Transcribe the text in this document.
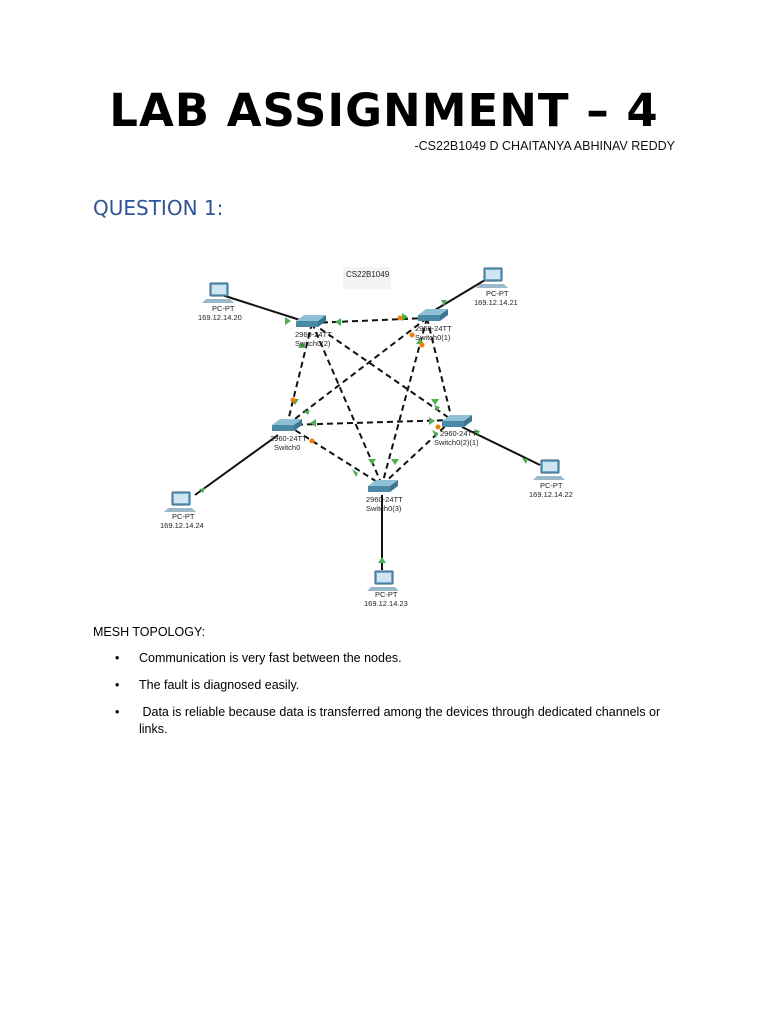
LAB ASSIGNMENT – 4
-CS22B1049 D CHAITANYA ABHINAV REDDY
QUESTION 1:
CS22B1049
2960-24TT
Switch0(2)
2960-24TT
Switch0(1)
2960-24TT
Switch0
2960-24TT
Switch0(2)(1)
2960-24TT
Switch0(3)
PC-PT
169.12.14.20
PC-PT
169.12.14.21
PC-PT
169.12.14.24
PC-PT
169.12.14.22
PC-PT
169.12.14.23
MESH TOPOLOGY:
• Communication is very fast between the nodes.
• The fault is diagnosed easily.
• Data is reliable because data is transferred among the devices through dedicated channels or links.
